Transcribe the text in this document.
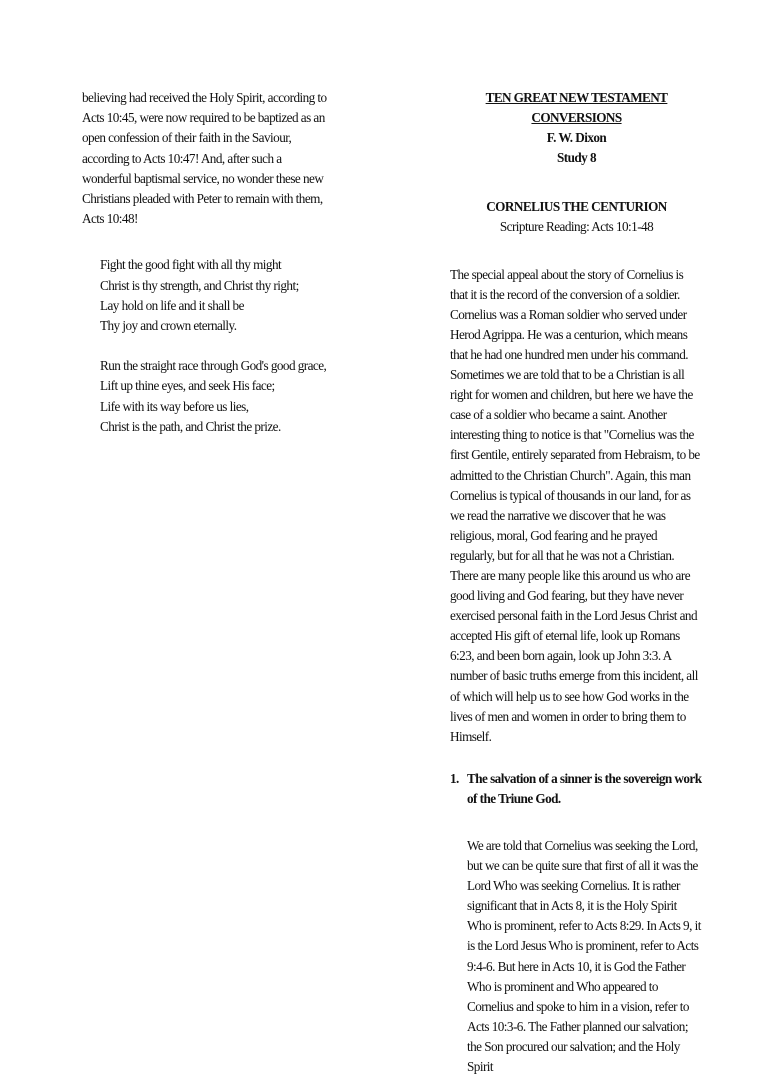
believing had received the Holy Spirit, according to Acts 10:45, were now required to be baptized as an open confession of their faith in the Saviour, according to Acts 10:47! And, after such a wonderful baptismal service, no wonder these new Christians pleaded with Peter to remain with them, Acts 10:48!

Fight the good fight with all thy might
Christ is thy strength, and Christ thy right;
Lay hold on life and it shall be
Thy joy and crown eternally.
Run the straight race through God's good grace,
Lift up thine eyes, and seek His face;
Life with its way before us lies,
Christ is the path, and Christ the prize.
TEN GREAT NEW TESTAMENT CONVERSIONS
F. W. Dixon
Study 8
CORNELIUS THE CENTURION
Scripture Reading: Acts 10:1-48

The special appeal about the story of Cornelius is that it is the record of the conversion of a soldier. Cornelius was a Roman soldier who served under Herod Agrippa. He was a centurion, which means that he had one hundred men under his command. Sometimes we are told that to be a Christian is all right for women and children, but here we have the case of a soldier who became a saint. Another interesting thing to notice is that "Cornelius was the first Gentile, entirely separated from Hebraism, to be admitted to the Christian Church". Again, this man Cornelius is typical of thousands in our land, for as we read the narrative we discover that he was religious, moral, God fearing and he prayed regularly, but for all that he was not a Christian. There are many people like this around us who are good living and God fearing, but they have never exercised personal faith in the Lord Jesus Christ and accepted His gift of eternal life, look up Romans 6:23, and been born again, look up John 3:3. A number of basic truths emerge from this incident, all of which will help us to see how God works in the lives of men and women in order to bring them to Himself.

1. The salvation of a sinner is the sovereign work of the Triune God.

We are told that Cornelius was seeking the Lord, but we can be quite sure that first of all it was the Lord Who was seeking Cornelius. It is rather significant that in Acts 8, it is the Holy Spirit Who is prominent, refer to Acts 8:29. In Acts 9, it is the Lord Jesus Who is prominent, refer to Acts 9:4-6. But here in Acts 10, it is God the Father Who is prominent and Who appeared to Cornelius and spoke to him in a vision, refer to Acts 10:3-6. The Father planned our salvation; the Son procured our salvation; and the Holy Spirit
